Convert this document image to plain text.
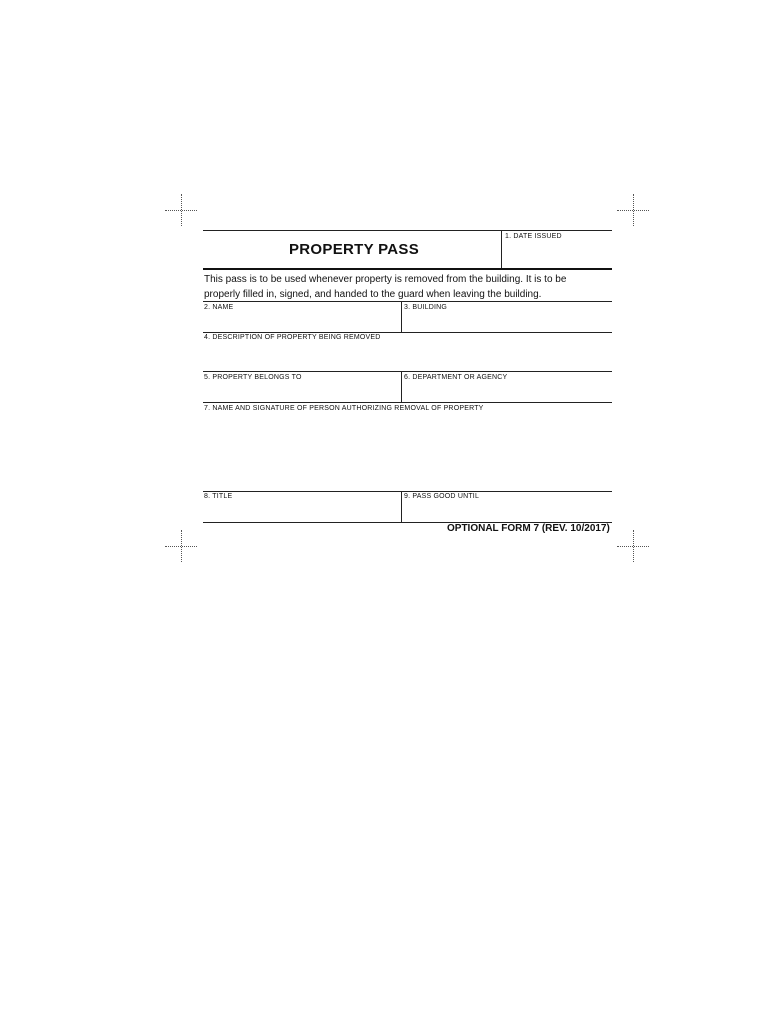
PROPERTY PASS
1. DATE ISSUED
This pass is to be used whenever property is removed from the building. It is to be
properly filled in, signed, and handed to the guard when leaving the building.
2. NAME	3. BUILDING
4. DESCRIPTION OF PROPERTY BEING REMOVED
5. PROPERTY BELONGS TO	6. DEPARTMENT OR AGENCY
7. NAME AND SIGNATURE OF PERSON AUTHORIZING REMOVAL OF PROPERTY
8. TITLE	9. PASS GOOD UNTIL
OPTIONAL FORM 7 (REV. 10/2017)
